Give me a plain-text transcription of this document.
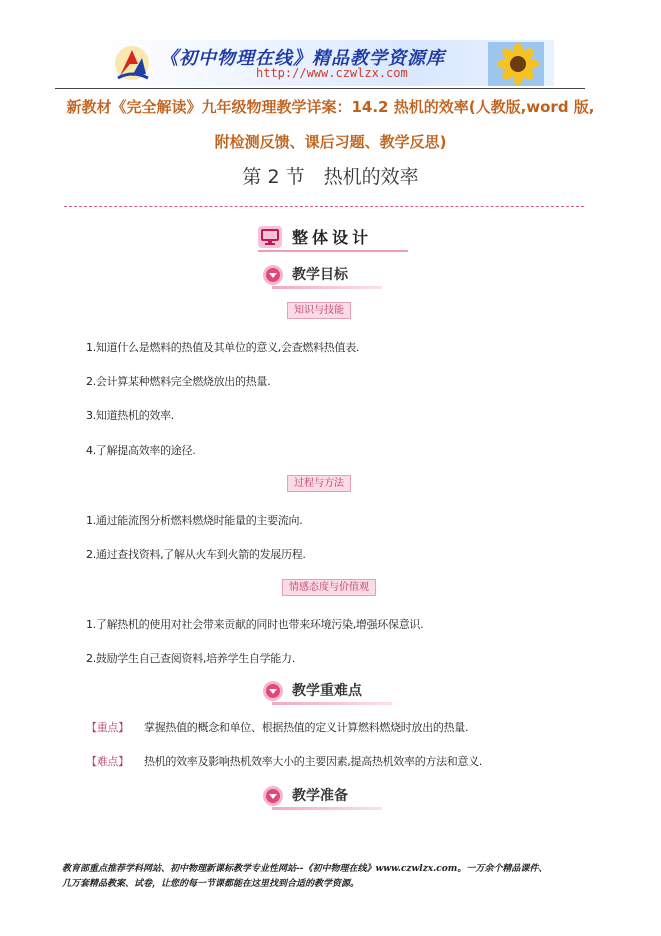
《初中物理在线》精品教学资源库
http://www.czwlzx.com
新教材《完全解读》九年级物理教学详案：14.2 热机的效率(人教版,word 版,
附检测反馈、课后习题、教学反思)
第 2 节　热机的效率
整体设计
教学目标
知识与技能
1.知道什么是燃料的热值及其单位的意义,会查燃料热值表.
2.会计算某种燃料完全燃烧放出的热量.
3.知道热机的效率.
4.了解提高效率的途径.
过程与方法
1.通过能流图分析燃料燃烧时能量的主要流向.
2.通过查找资料,了解从火车到火箭的发展历程.
情感态度与价值观
1.了解热机的使用对社会带来贡献的同时也带来环境污染,增强环保意识.
2.鼓励学生自己查阅资料,培养学生自学能力.
教学重难点
【重点】 掌握热值的概念和单位、根据热值的定义计算燃料燃烧时放出的热量.
【难点】 热机的效率及影响热机效率大小的主要因素,提高热机效率的方法和意义.
教学准备
教育部重点推荐学科网站、初中物理新课标教学专业性网站--《初中物理在线》www.czwlzx.com。一万余个精品课件、
几万套精品教案、试卷，让您的每一节课都能在这里找到合适的教学资源。
